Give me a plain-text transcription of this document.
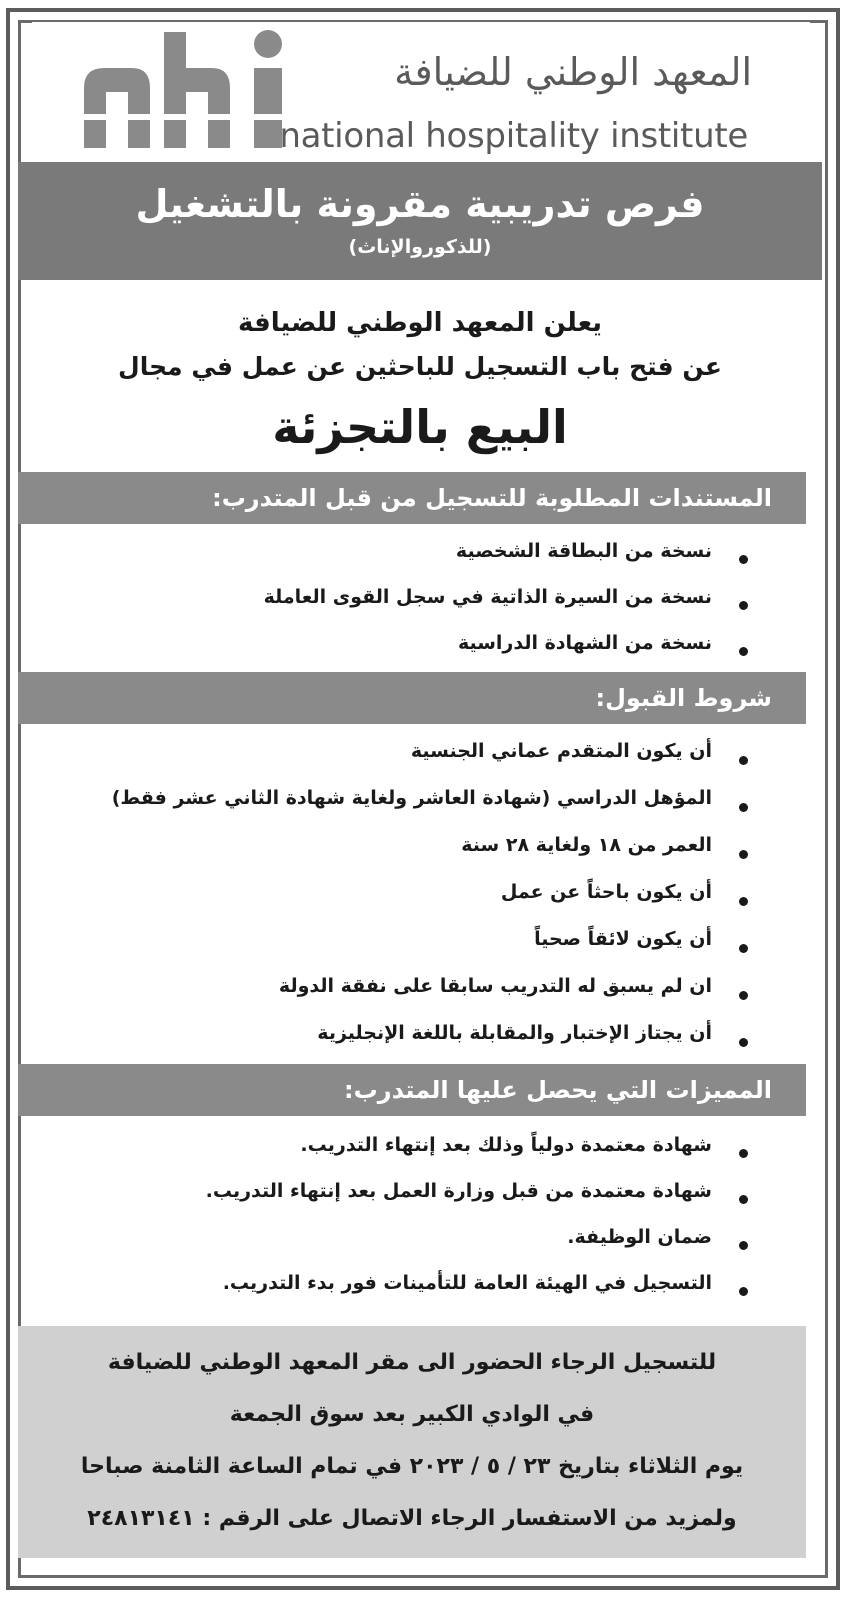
المعهد الوطني للضيافة
national hospitality institute
فرص تدريبية مقرونة بالتشغيل
(للذكوروالإناث)
يعلن المعهد الوطني للضيافة
عن فتح باب التسجيل للباحثين عن عمل في مجال
البيع بالتجزئة
المستندات المطلوبة للتسجيل من قبل المتدرب:
نسخة من البطاقة الشخصية
نسخة من السيرة الذاتية في سجل القوى العاملة
نسخة من الشهادة الدراسية
شروط القبول:
أن يكون المتقدم عماني الجنسية
المؤهل الدراسي (شهادة العاشر ولغاية شهادة الثاني عشر فقط)
العمر من ١٨ ولغاية ٢٨ سنة
أن يكون باحثاً عن عمل
أن يكون لائقاً صحياً
ان لم يسبق له التدريب سابقا على نفقة الدولة
أن يجتاز الإختبار والمقابلة باللغة الإنجليزية
المميزات التي يحصل عليها المتدرب:
شهادة معتمدة دولياً وذلك بعد إنتهاء التدريب.
شهادة معتمدة من قبل وزارة العمل بعد إنتهاء التدريب.
ضمان الوظيفة.
التسجيل في الهيئة العامة للتأمينات فور بدء التدريب.
للتسجيل الرجاء الحضور الى مقر المعهد الوطني للضيافة
في الوادي الكبير بعد سوق الجمعة
يوم الثلاثاء بتاريخ ٢٣ / ٥ / ٢٠٢٣ في تمام الساعة الثامنة صباحا
ولمزيد من الاستفسار الرجاء الاتصال على الرقم : ٢٤٨١٣١٤١
